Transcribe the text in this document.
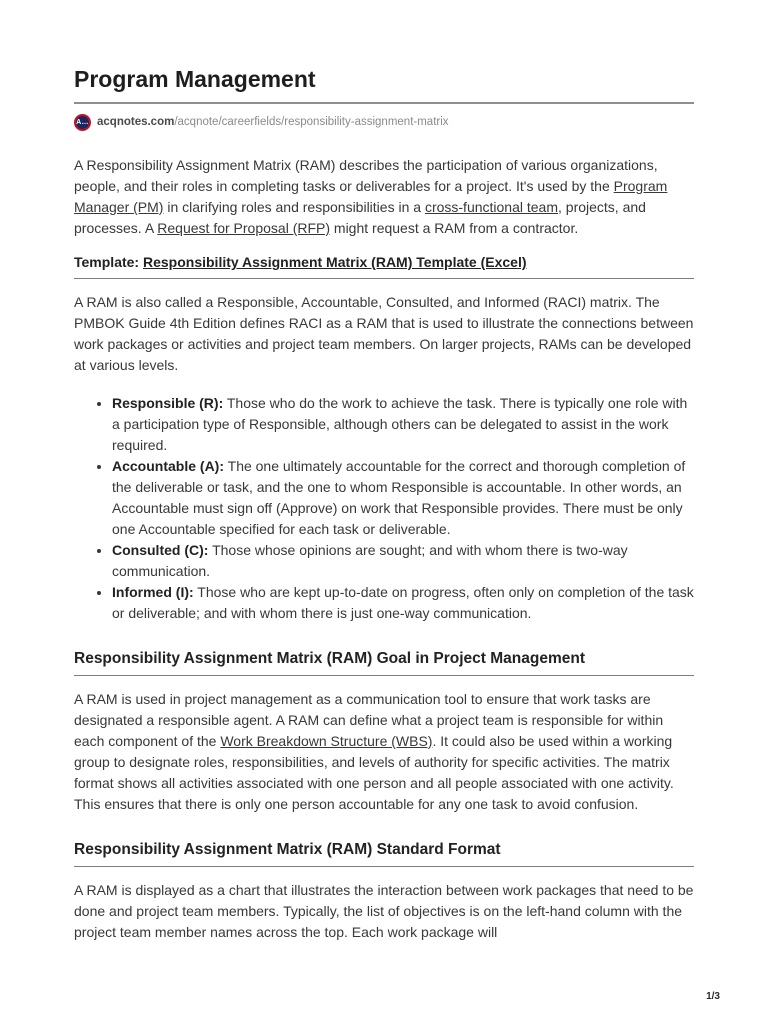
Program Management
A… acqnotes.com/acqnote/careerfields/responsibility-assignment-matrix

A Responsibility Assignment Matrix (RAM) describes the participation of various organizations, people, and their roles in completing tasks or deliverables for a project. It's used by the Program Manager (PM) in clarifying roles and responsibilities in a cross-functional team, projects, and processes. A Request for Proposal (RFP) might request a RAM from a contractor.

Template: Responsibility Assignment Matrix (RAM) Template (Excel)

A RAM is also called a Responsible, Accountable, Consulted, and Informed (RACI) matrix. The PMBOK Guide 4th Edition defines RACI as a RAM that is used to illustrate the connections between work packages or activities and project team members. On larger projects, RAMs can be developed at various levels.

• Responsible (R): Those who do the work to achieve the task. There is typically one role with a participation type of Responsible, although others can be delegated to assist in the work required.
• Accountable (A): The one ultimately accountable for the correct and thorough completion of the deliverable or task, and the one to whom Responsible is accountable. In other words, an Accountable must sign off (Approve) on work that Responsible provides. There must be only one Accountable specified for each task or deliverable.
• Consulted (C): Those whose opinions are sought; and with whom there is two-way communication.
• Informed (I): Those who are kept up-to-date on progress, often only on completion of the task or deliverable; and with whom there is just one-way communication.
Responsibility Assignment Matrix (RAM) Goal in Project Management

A RAM is used in project management as a communication tool to ensure that work tasks are designated a responsible agent. A RAM can define what a project team is responsible for within each component of the Work Breakdown Structure (WBS). It could also be used within a working group to designate roles, responsibilities, and levels of authority for specific activities. The matrix format shows all activities associated with one person and all people associated with one activity. This ensures that there is only one person accountable for any one task to avoid confusion.

Responsibility Assignment Matrix (RAM) Standard Format

A RAM is displayed as a chart that illustrates the interaction between work packages that need to be done and project team members. Typically, the list of objectives is on the left-hand column with the project team member names across the top. Each work package will

1/3
